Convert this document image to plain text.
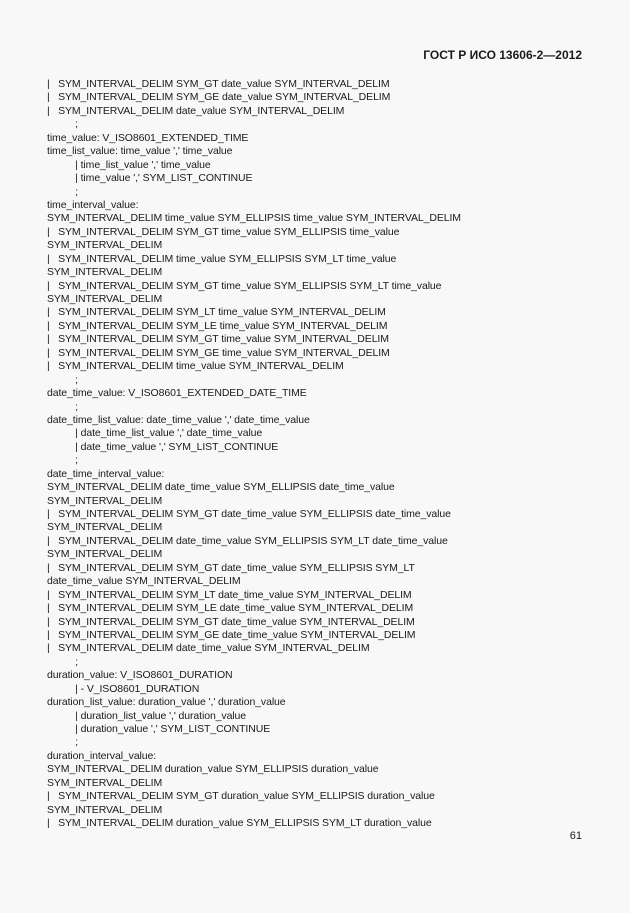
ГОСТ Р ИСО 13606-2—2012
|   SYM_INTERVAL_DELIM SYM_GT date_value SYM_INTERVAL_DELIM
|   SYM_INTERVAL_DELIM SYM_GE date_value SYM_INTERVAL_DELIM
|   SYM_INTERVAL_DELIM date_value SYM_INTERVAL_DELIM
;
time_value: V_ISO8601_EXTENDED_TIME
time_list_value: time_value ',' time_value
| time_list_value ',' time_value
| time_value ',' SYM_LIST_CONTINUE
;
time_interval_value:
SYM_INTERVAL_DELIM time_value SYM_ELLIPSIS time_value SYM_INTERVAL_DELIM
|   SYM_INTERVAL_DELIM SYM_GT time_value SYM_ELLIPSIS time_value
SYM_INTERVAL_DELIM
|   SYM_INTERVAL_DELIM time_value SYM_ELLIPSIS SYM_LT time_value
SYM_INTERVAL_DELIM
|   SYM_INTERVAL_DELIM SYM_GT time_value SYM_ELLIPSIS SYM_LT time_value
SYM_INTERVAL_DELIM
|   SYM_INTERVAL_DELIM SYM_LT time_value SYM_INTERVAL_DELIM
|   SYM_INTERVAL_DELIM SYM_LE time_value SYM_INTERVAL_DELIM
|   SYM_INTERVAL_DELIM SYM_GT time_value SYM_INTERVAL_DELIM
|   SYM_INTERVAL_DELIM SYM_GE time_value SYM_INTERVAL_DELIM
|   SYM_INTERVAL_DELIM time_value SYM_INTERVAL_DELIM
;
date_time_value: V_ISO8601_EXTENDED_DATE_TIME
;
date_time_list_value: date_time_value ',' date_time_value
| date_time_list_value ',' date_time_value
| date_time_value ',' SYM_LIST_CONTINUE
;
date_time_interval_value:
SYM_INTERVAL_DELIM date_time_value SYM_ELLIPSIS date_time_value
SYM_INTERVAL_DELIM
|   SYM_INTERVAL_DELIM SYM_GT date_time_value SYM_ELLIPSIS date_time_value
SYM_INTERVAL_DELIM
|   SYM_INTERVAL_DELIM date_time_value SYM_ELLIPSIS SYM_LT date_time_value
SYM_INTERVAL_DELIM
|   SYM_INTERVAL_DELIM SYM_GT date_time_value SYM_ELLIPSIS SYM_LT
date_time_value SYM_INTERVAL_DELIM
|   SYM_INTERVAL_DELIM SYM_LT date_time_value SYM_INTERVAL_DELIM
|   SYM_INTERVAL_DELIM SYM_LE date_time_value SYM_INTERVAL_DELIM
|   SYM_INTERVAL_DELIM SYM_GT date_time_value SYM_INTERVAL_DELIM
|   SYM_INTERVAL_DELIM SYM_GE date_time_value SYM_INTERVAL_DELIM
|   SYM_INTERVAL_DELIM date_time_value SYM_INTERVAL_DELIM
;
duration_value: V_ISO8601_DURATION
| - V_ISO8601_DURATION
duration_list_value: duration_value ',' duration_value
| duration_list_value ',' duration_value
| duration_value ',' SYM_LIST_CONTINUE
;
duration_interval_value:
SYM_INTERVAL_DELIM duration_value SYM_ELLIPSIS duration_value
SYM_INTERVAL_DELIM
|   SYM_INTERVAL_DELIM SYM_GT duration_value SYM_ELLIPSIS duration_value
SYM_INTERVAL_DELIM
|   SYM_INTERVAL_DELIM duration_value SYM_ELLIPSIS SYM_LT duration_value
61
